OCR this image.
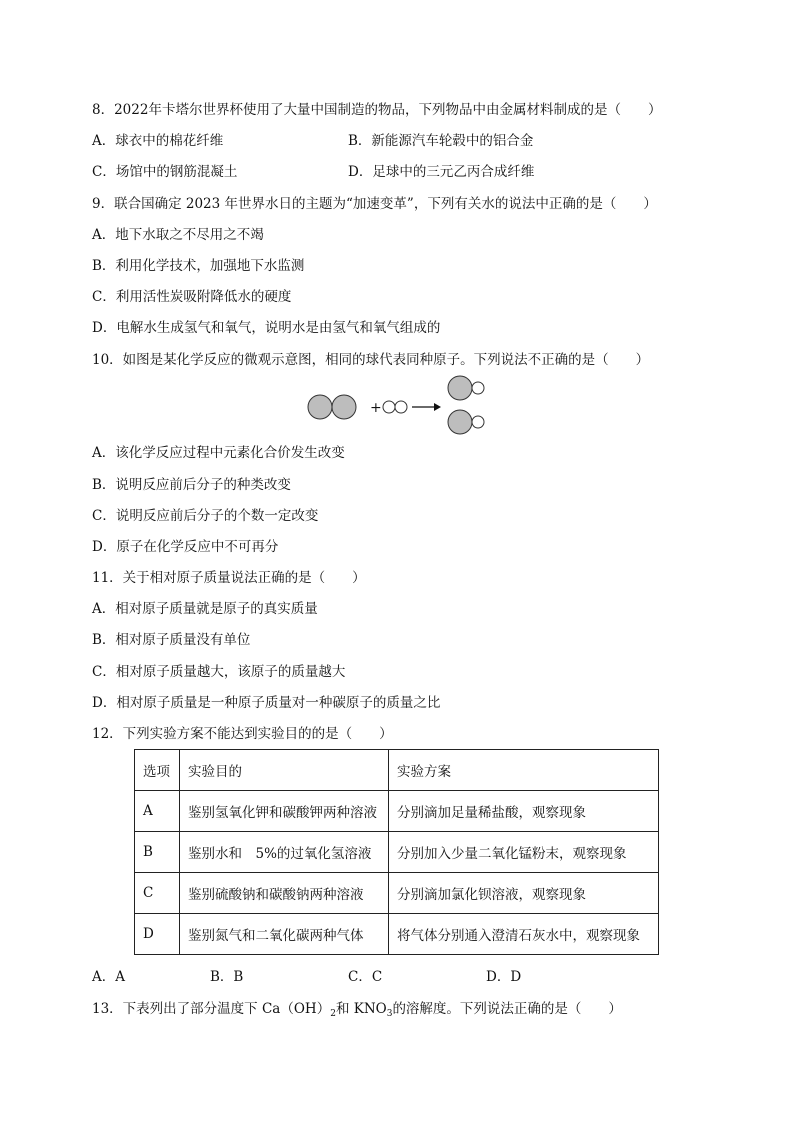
8．2022年卡塔尔世界杯使用了大量中国制造的物品，下列物品中由金属材料制成的是（　　）
A．球衣中的棉花纤维	B．新能源汽车轮毂中的铝合金
C．场馆中的钢筋混凝土	D．足球中的三元乙丙合成纤维
9．联合国确定 2023 年世界水日的主题为“加速变革”，下列有关水的说法中正确的是（　　）
A．地下水取之不尽用之不竭
B．利用化学技术，加强地下水监测
C．利用活性炭吸附降低水的硬度
D．电解水生成氢气和氧气，说明水是由氢气和氧气组成的
10．如图是某化学反应的微观示意图，相同的球代表同种原子。下列说法不正确的是（　　）
+
A．该化学反应过程中元素化合价发生改变
B．说明反应前后分子的种类改变
C．说明反应前后分子的个数一定改变
D．原子在化学反应中不可再分
11．关于相对原子质量说法正确的是（　　）
A．相对原子质量就是原子的真实质量
B．相对原子质量没有单位
C．相对原子质量越大，该原子的质量越大
D．相对原子质量是一种原子质量对一种碳原子的质量之比
12．下列实验方案不能达到实验目的的是（　　）
选项	实验目的	实验方案
A	鉴别氢氧化钾和碳酸钾两种溶液	分别滴加足量稀盐酸，观察现象
B	鉴别水和　5%的过氧化氢溶液	分别加入少量二氧化锰粉末，观察现象
C	鉴别硫酸钠和碳酸钠两种溶液	分别滴加氯化钡溶液，观察现象
D	鉴别氮气和二氧化碳两种气体	将气体分别通入澄清石灰水中，观察现象
A．A	B．B	C．C	D．D
13．下表列出了部分温度下 $Ca(OH)_2$和 $KNO_3$的溶解度。下列说法正确的是（　　）
